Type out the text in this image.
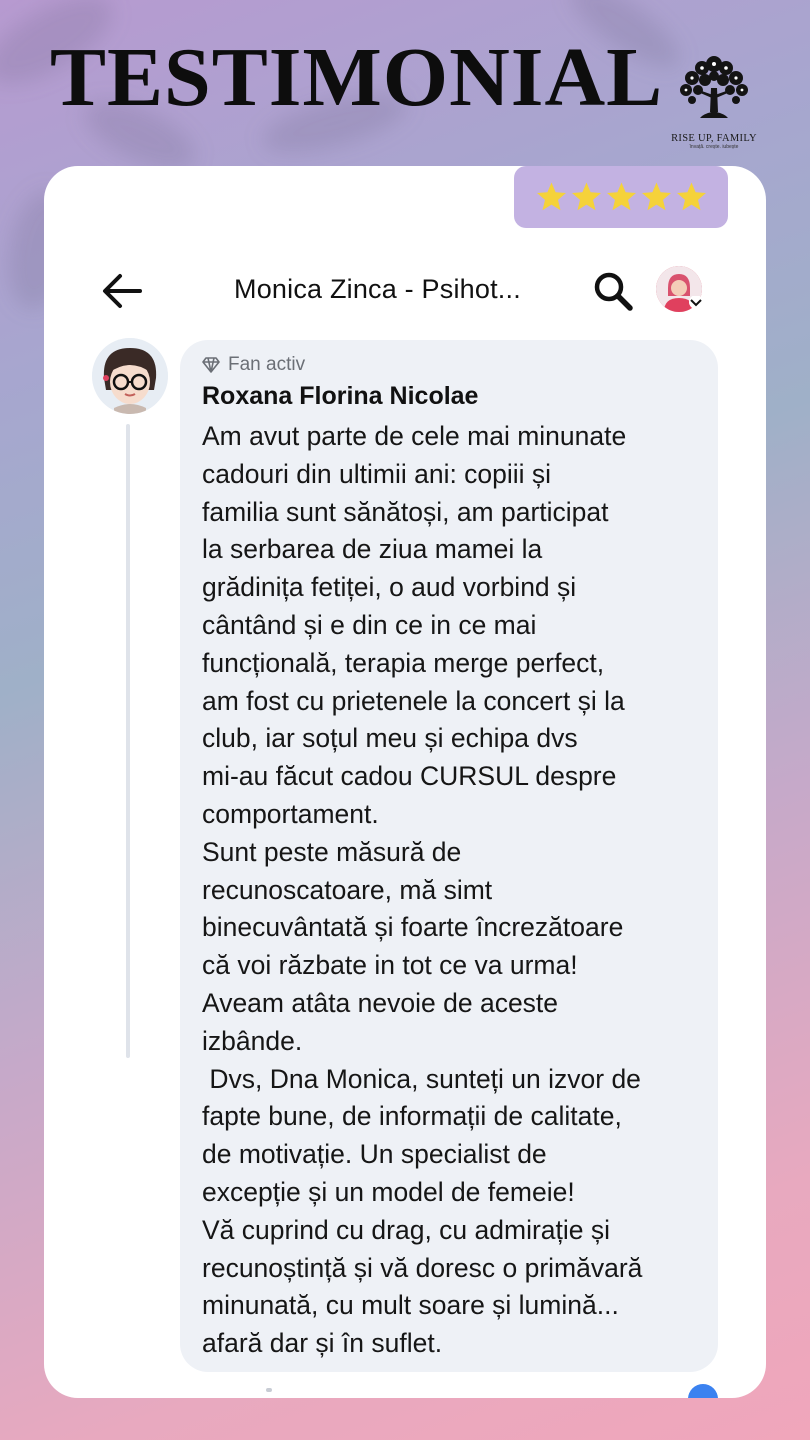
TESTIMONIAL
RISE UP, FAMILY
învață. crește. iubește
Monica Zinca - Psihot...
Fan activ
Roxana Florina Nicolae
Am avut parte de cele mai minunate
cadouri din ultimii ani: copiii și
familia sunt sănătoși, am participat
la serbarea de ziua mamei la
grădinița fetiței, o aud vorbind și
cântând și e din ce in ce mai
funcțională, terapia merge perfect,
am fost cu prietenele la concert și la
club, iar soțul meu și echipa dvs
mi-au făcut cadou CURSUL despre
comportament.
Sunt peste măsură de
recunoscatoare, mă simt
binecuvântată și foarte încrezătoare
că voi răzbate in tot ce va urma!
Aveam atâta nevoie de aceste
izbânde.
Dvs, Dna Monica, sunteți un izvor de
fapte bune, de informații de calitate,
de motivație. Un specialist de
excepție și un model de femeie!
Vă cuprind cu drag, cu admirație și
recunoștință și vă doresc o primăvară
minunată, cu mult soare și lumină...
afară dar și în suflet.
